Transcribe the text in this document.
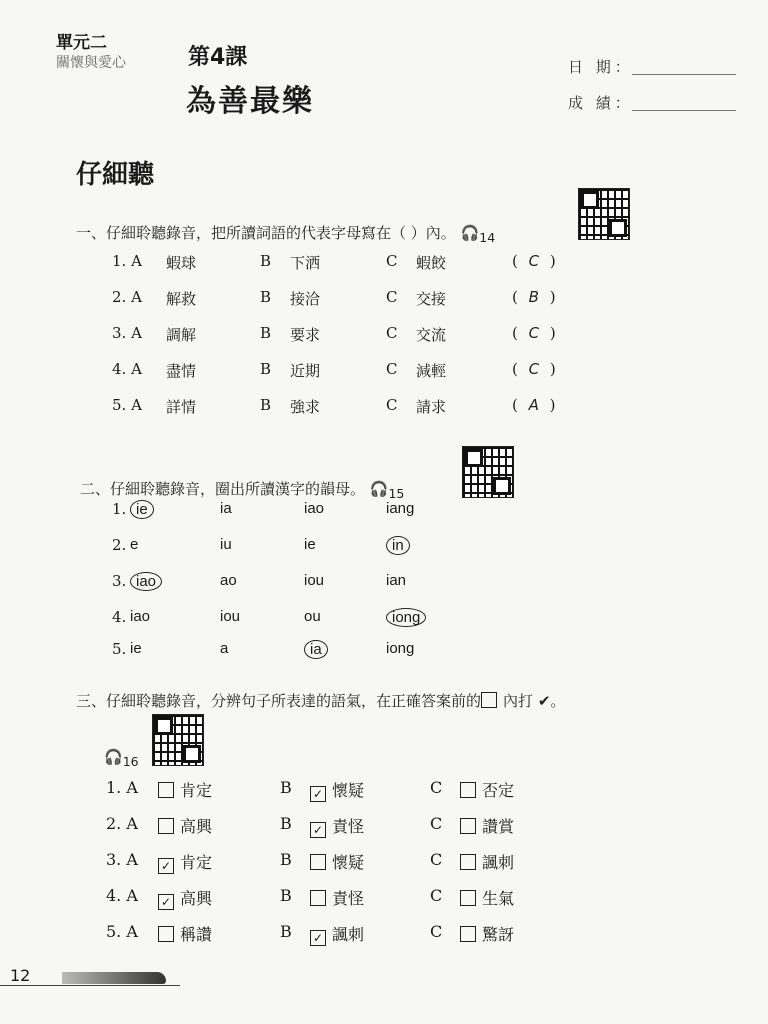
單元二
關懷與愛心	第4課
為善最樂
日 期：
成 績：
仔細聽
一、仔細聆聽錄音，把所讀詞語的代表字母寫在（ ）內。 $🎧_{14}$
1. A 蝦球	B 下洒	C 蝦餃	( C )
2. A 解救	B 接洽	C 交接	( B )
3. A 調解	B 要求	C 交流	( C )
4. A 盡情	B 近期	C 減輕	( C )
5. A 詳情	B 強求	C 請求	( A )
二、仔細聆聽錄音，圈出所讀漢字的韻母。 $🎧_{15}$
1. ie	ia	iao	iang
2. e	iu	ie	in
3. iao	ao	iou	ian
4. iao	iou	ou	iong
5. ie	a	ia	iong
三、仔細聆聽錄音，分辨句子所表達的語氣，在正確答案前的 內打 ✔。
$🎧_{16}$
1. A	B	C
肯定	✓ 懷疑	否定
2. A	B	C
高興	✓ 責怪	讚賞
3. A	B	C
✓ 肯定	懷疑	諷刺
4. A	B	C
✓ 高興	責怪	生氣
5. A	B	C
稱讚	✓ 諷刺	驚訝
12
